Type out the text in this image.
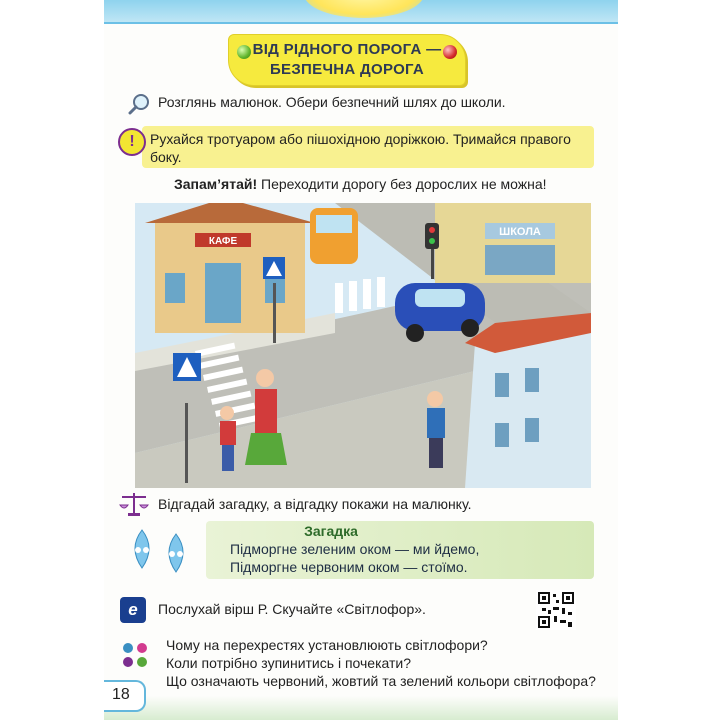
ВІД РІДНОГО ПОРОГА —
БЕЗПЕЧНА ДОРОГА
Розглянь малюнок. Обери безпечний шлях до школи.
Рухайся тротуаром або пішохідною доріжкою. Тримайся правого боку.
!
Запам’ятай! Переходити дорогу без дорослих не можна!
КАФЕ
ШКОЛА
Відгадай загадку, а відгадку покажи на малюнку.
Загадка
Підморгне зеленим оком — ми йдемо,
Підморгне червоним оком — стоїмо.
e	Послухай вірш Р. Скучайте «Світлофор».
Чому на перехрестях установлюють світлофори?
Коли потрібно зупинитись і почекати?
Що означають червоний, жовтий та зелений кольори світлофора?
18
